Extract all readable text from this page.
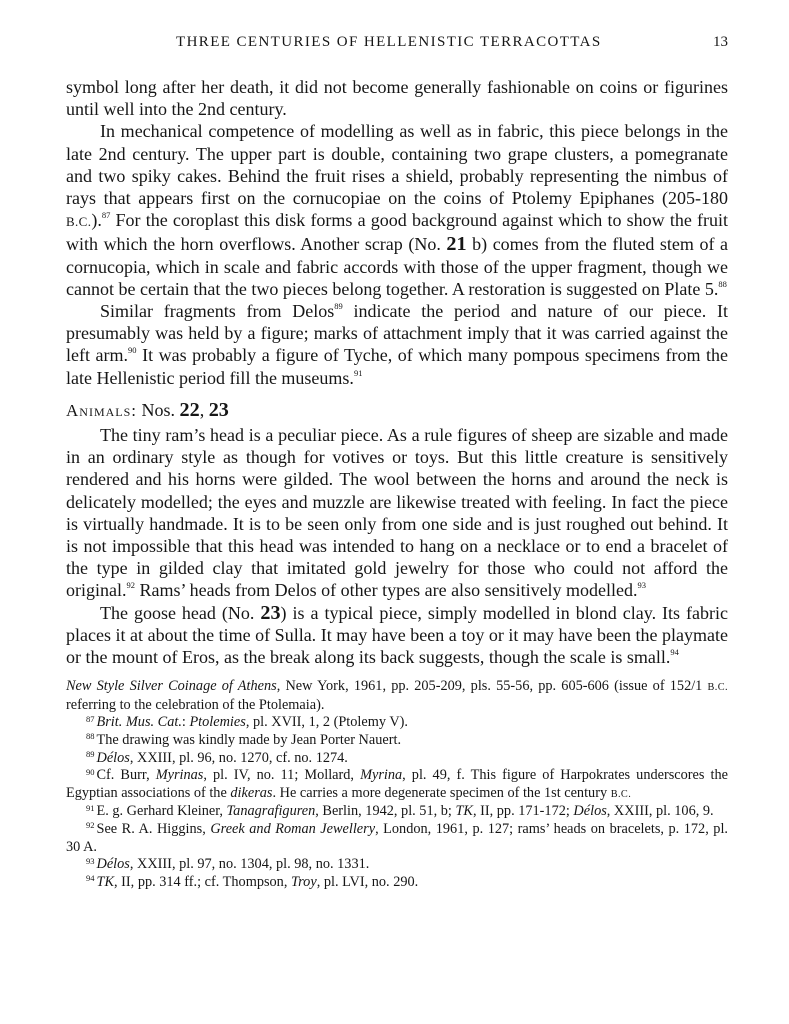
THREE CENTURIES OF HELLENISTIC TERRACOTTAS	13

symbol long after her death, it did not become generally fashionable on coins or figurines until well into the 2nd century.

In mechanical competence of modelling as well as in fabric, this piece belongs in the late 2nd century. The upper part is double, containing two grape clusters, a pomegranate and two spiky cakes. Behind the fruit rises a shield, probably representing the nimbus of rays that appears first on the cornucopiae on the coins of Ptolemy Epiphanes (205-180 B.C.).$^{87}$ For the coroplast this disk forms a good background against which to show the fruit with which the horn overflows. Another scrap (No. 21 b) comes from the fluted stem of a cornucopia, which in scale and fabric accords with those of the upper fragment, though we cannot be certain that the two pieces belong together. A restoration is suggested on Plate 5.88

Similar fragments from Delos$^{89}$ indicate the period and nature of our piece. It presumably was held by a figure; marks of attachment imply that it was carried against the left arm.$^{90}$ It was probably a figure of Tyche, of which many pompous specimens from the late Hellenistic period fill the museums.$^{91}$

Animals: Nos. 22, 23

The tiny ram’s head is a peculiar piece. As a rule figures of sheep are sizable and made in an ordinary style as though for votives or toys. But this little creature is sensitively rendered and his horns were gilded. The wool between the horns and around the neck is delicately modelled; the eyes and muzzle are likewise treated with feeling. In fact the piece is virtually handmade. It is to be seen only from one side and is just roughed out behind. It is not impossible that this head was intended to hang on a necklace or to end a bracelet of the type in gilded clay that imitated gold jewelry for those who could not afford the original.$^{92}$ Rams’ heads from Delos of other types are also sensitively modelled.$^{93}$

The goose head (No. 23) is a typical piece, simply modelled in blond clay. Its fabric places it at about the time of Sulla. It may have been a toy or it may have been the playmate or the mount of Eros, as the break along its back suggests, though the scale is small.$^{94}$

New Style Silver Coinage of Athens, New York, 1961, pp. 205-209, pls. 55-56, pp. 605-606 (issue of 152/1 B.C. referring to the celebration of the Ptolemaia).

$^{87}$ Brit. Mus. Cat.: Ptolemies, pl. XVII, 1, 2 (Ptolemy V).

$^{88}$ The drawing was kindly made by Jean Porter Nauert.

$^{89}$ Délos, XXIII, pl. 96, no. 1270, cf. no. 1274.

$^{90}$ Cf. Burr, Myrinas, pl. IV, no. 11; Mollard, Myrina, pl. 49, f. This figure of Harpokrates underscores the Egyptian associations of the dikeras. He carries a more degenerate specimen of the 1st century B.C.

$^{91}$ E. g. Gerhard Kleiner, Tanagrafiguren, Berlin, 1942, pl. 51, b; TK, II, pp. 171-172; Délos, XXIII, pl. 106, 9.

$^{92}$ See R. A. Higgins, Greek and Roman Jewellery, London, 1961, p. 127; rams’ heads on bracelets, p. 172, pl. 30 A.

$^{93}$ Délos, XXIII, pl. 97, no. 1304, pl. 98, no. 1331.

$^{94}$ TK, II, pp. 314 ff.; cf. Thompson, Troy, pl. LVI, no. 290.
